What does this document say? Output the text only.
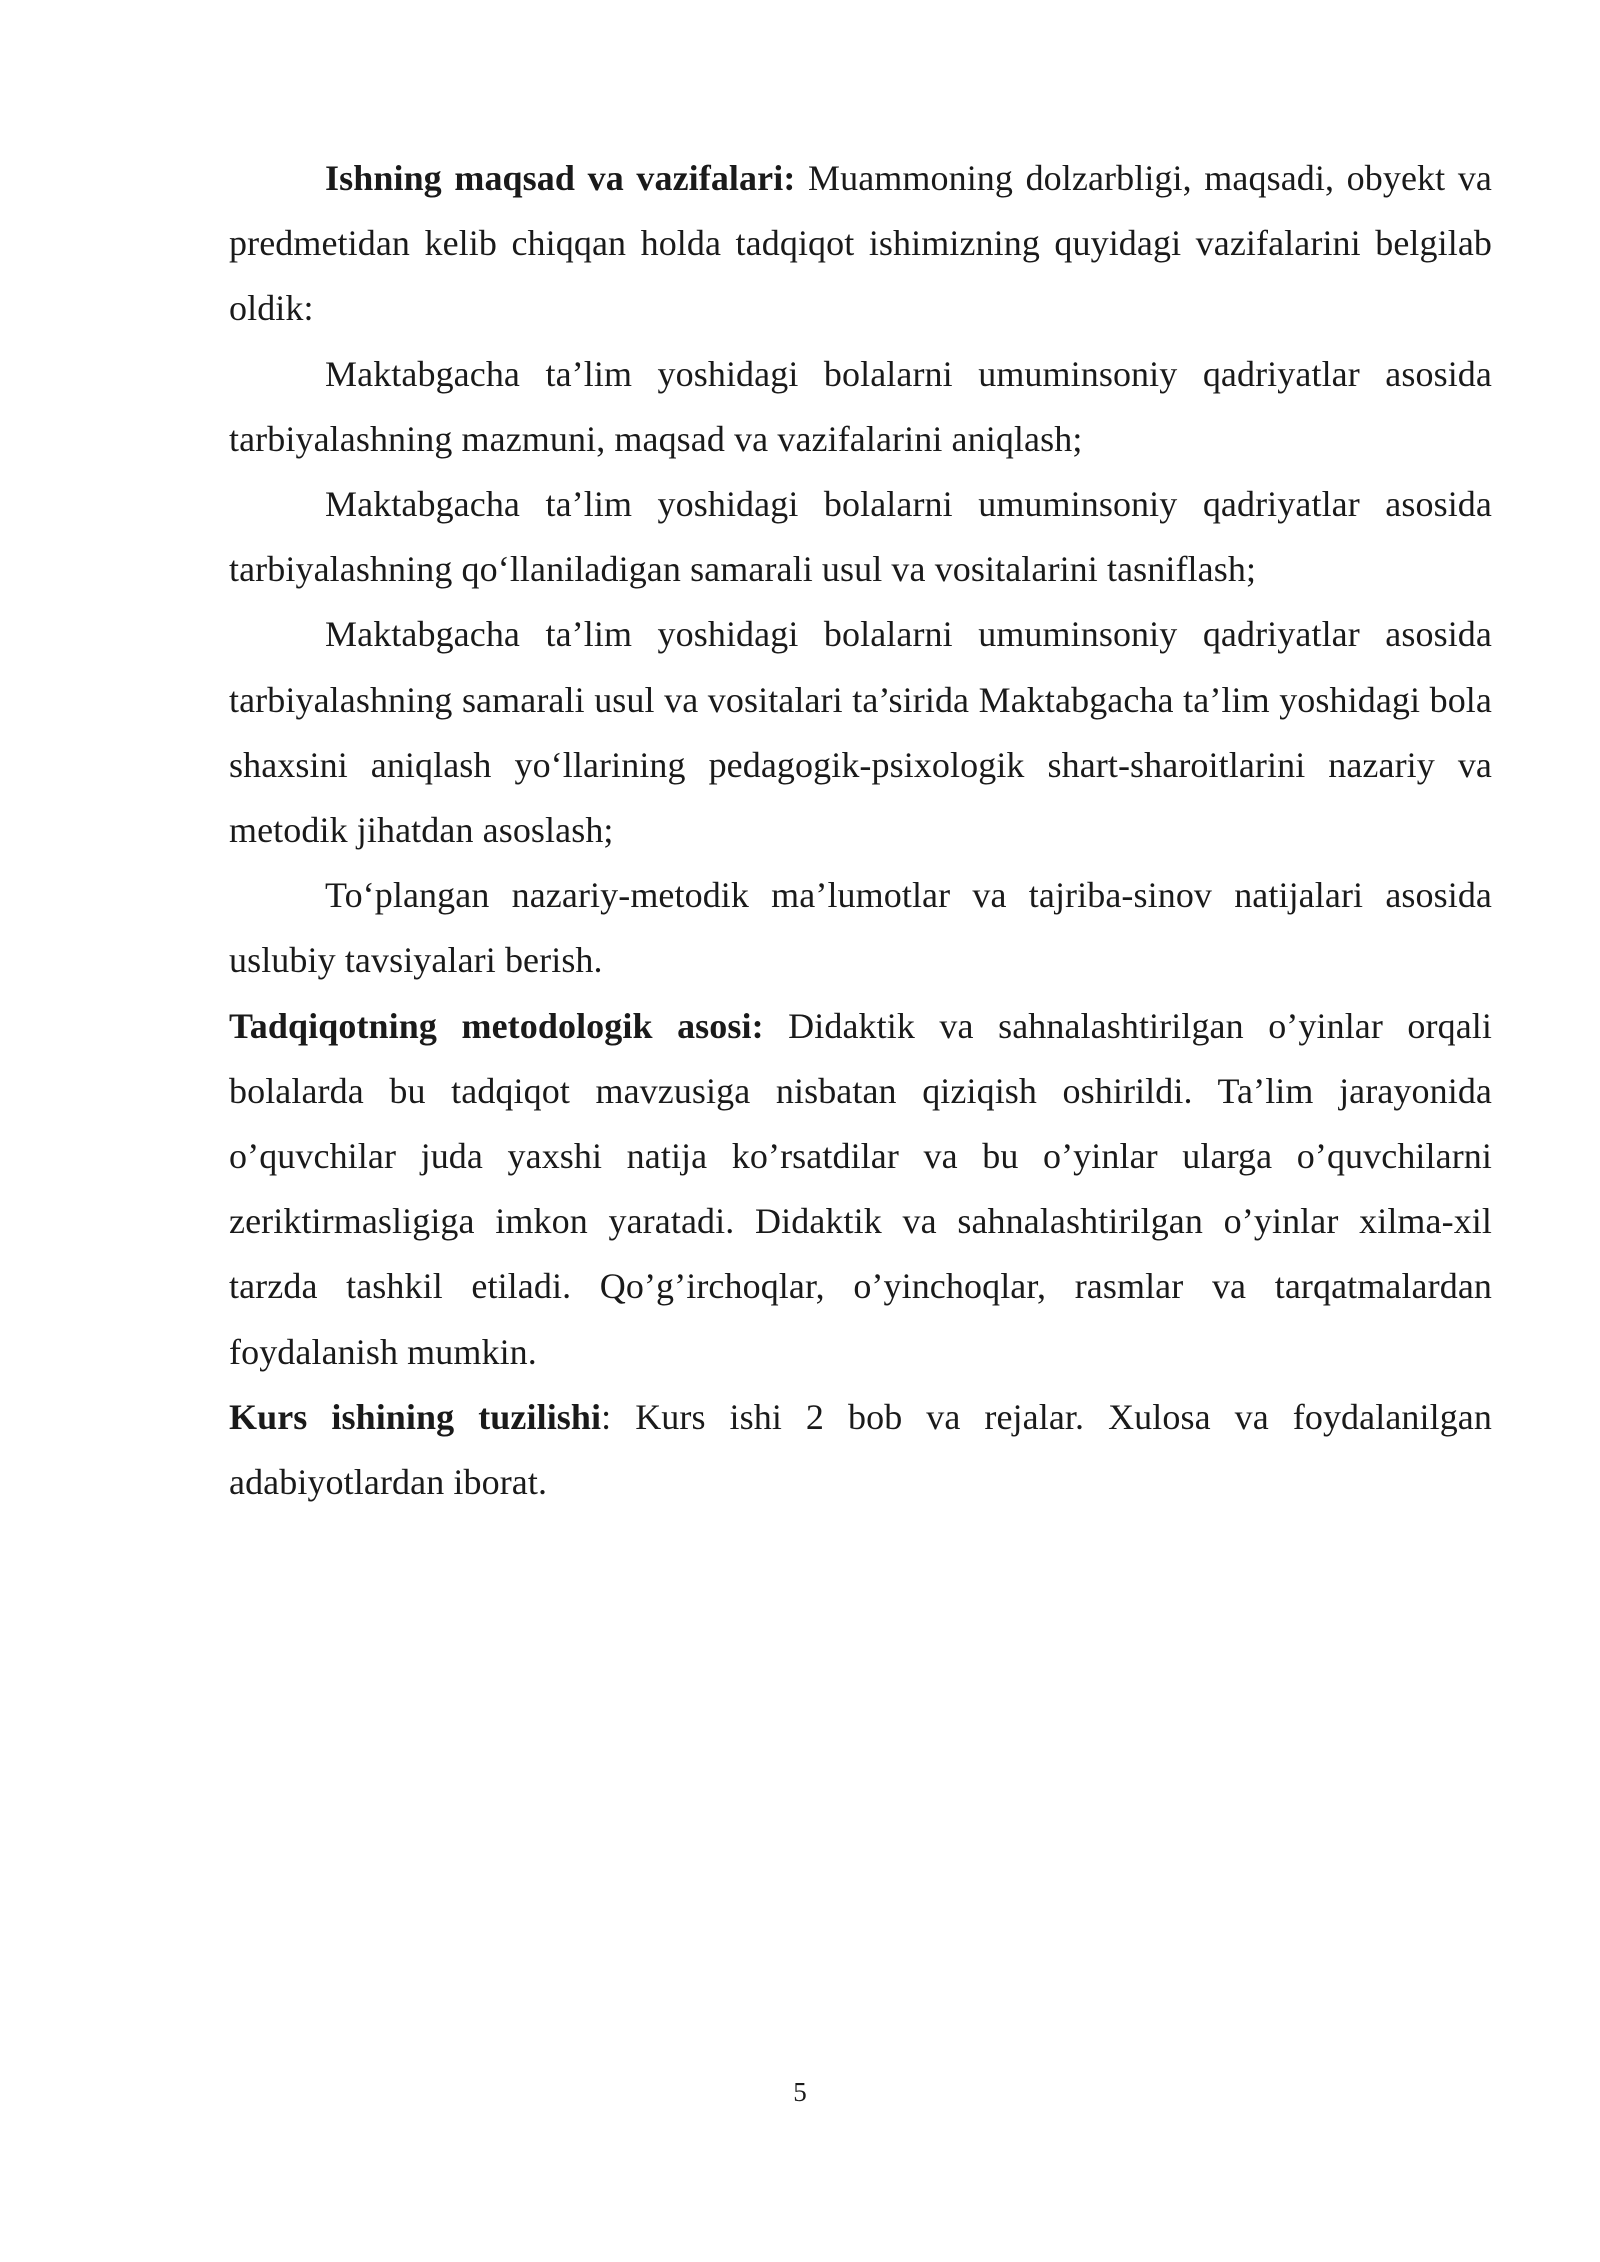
Ishning maqsad va vazifalari: Muammoning dolzarbligi, maqsadi, obyekt va predmetidan kelib chiqqan holda tadqiqot ishimizning quyidagi vazifalarini belgilab oldik:

Maktabgacha ta’lim yoshidagi bolalarni umuminsoniy qadriyatlar asosida tarbiyalashning mazmuni, maqsad va vazifalarini aniqlash;

Maktabgacha ta’lim yoshidagi bolalarni umuminsoniy qadriyatlar asosida tarbiyalashning qo‘llaniladigan samarali usul va vositalarini tasniflash;

Maktabgacha ta’lim yoshidagi bolalarni umuminsoniy qadriyatlar asosida tarbiyalashning samarali usul va vositalari ta’sirida Maktabgacha ta’lim yoshidagi bola shaxsini aniqlash yo‘llarining pedagogik-psixologik shart-sharoitlarini nazariy va metodik jihatdan asoslash;

To‘plangan nazariy-metodik ma’lumotlar va tajriba-sinov natijalari asosida uslubiy tavsiyalari berish.

Tadqiqotning metodologik asosi: Didaktik va sahnalashtirilgan o’yinlar orqali bolalarda bu tadqiqot mavzusiga nisbatan qiziqish oshirildi. Ta’lim jarayonida o’quvchilar juda yaxshi natija ko’rsatdilar va bu o’yinlar ularga o’quvchilarni zeriktirmasligiga imkon yaratadi. Didaktik va sahnalashtirilgan o’yinlar xilma-xil tarzda tashkil etiladi. Qo’g’irchoqlar, o’yinchoqlar, rasmlar va tarqatmalardan foydalanish mumkin.

Kurs ishining tuzilishi: Kurs ishi 2 bob va rejalar. Xulosa va foydalanilgan adabiyotlardan iborat.

5
